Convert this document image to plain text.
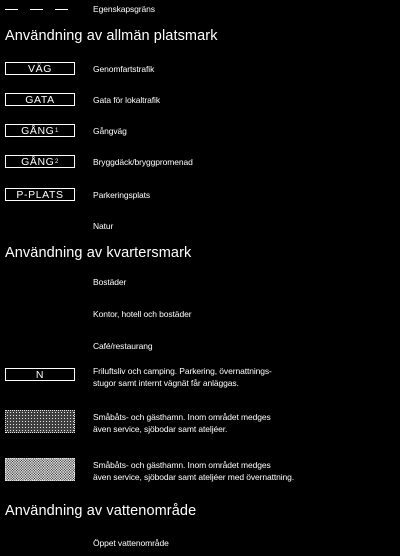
Egenskapsgräns
Användning av allmän platsmark
VÄG	Genomfartstrafik
GATA	Gata för lokaltrafik
GÅNG 1	Gångväg
GÅNG 2	Bryggdäck/bryggpromenad
P-PLATS	Parkeringsplats
Natur
Användning av kvartersmark
Bostäder
Kontor, hotell och bostäder
Café/restaurang
N	Friluftsliv och camping. Parkering, övernattnings-
stugor samt internt vägnät får anläggas.
Småbåts- och gästhamn. Inom området medges
även service, sjöbodar samt ateljéer.
Småbåts- och gästhamn. Inom området medges
även service, sjöbodar samt ateljéer med övernattning.
Användning av vattenområde
Öppet vattenområde
